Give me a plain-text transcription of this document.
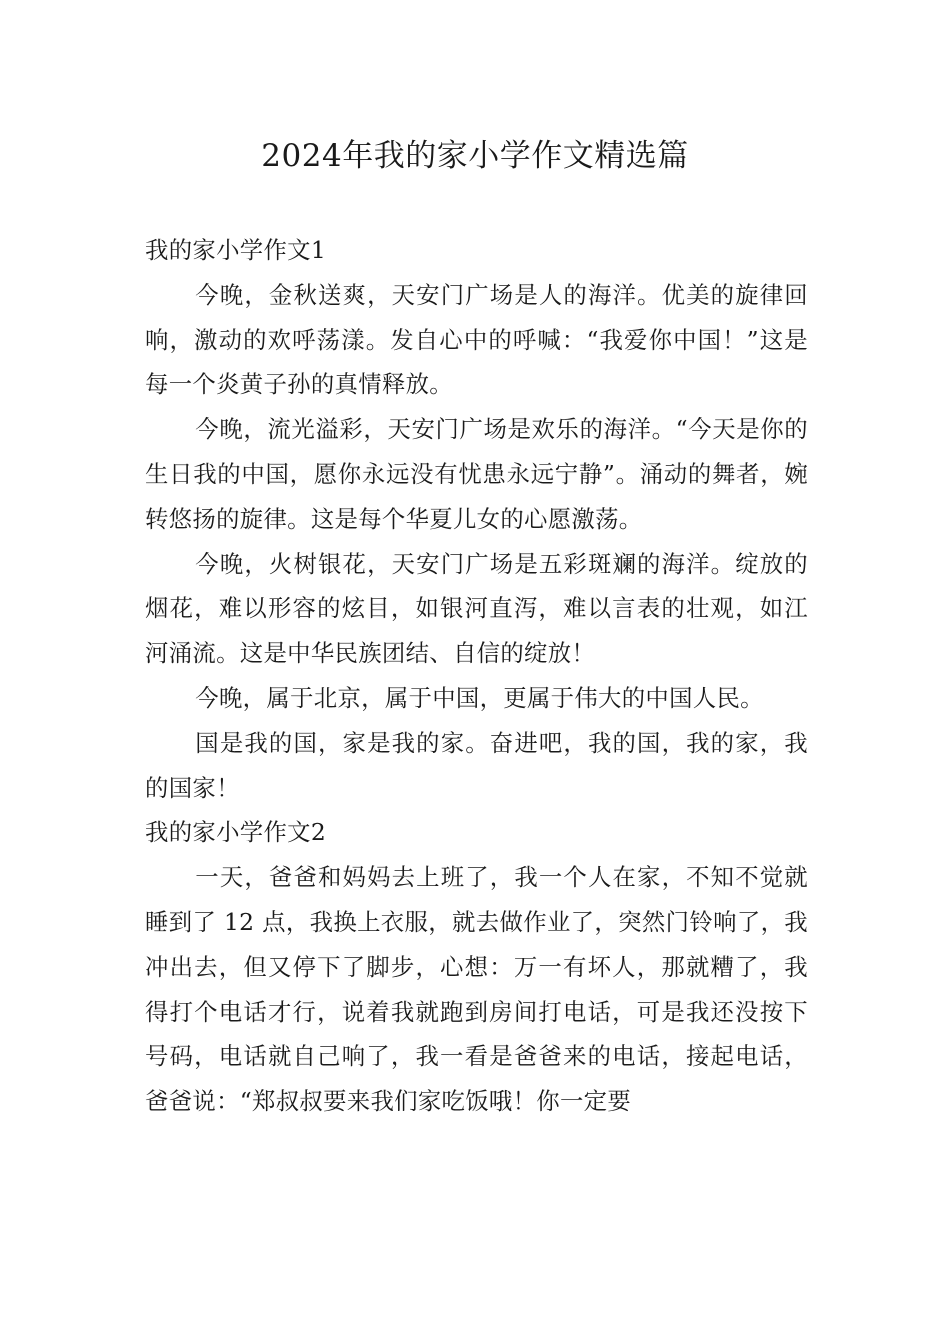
2024年我的家小学作文精选篇
我的家小学作文1

今晚，金秋送爽，天安门广场是人的海洋。优美的旋律回响，激动的欢呼荡漾。发自心中的呼喊：“我爱你中国！”这是每一个炎黄子孙的真情释放。

今晚，流光溢彩，天安门广场是欢乐的海洋。“今天是你的生日我的中国，愿你永远没有忧患永远宁静”。涌动的舞者，婉转悠扬的旋律。这是每个华夏儿女的心愿激荡。

今晚，火树银花，天安门广场是五彩斑斓的海洋。绽放的烟花，难以形容的炫目，如银河直泻，难以言表的壮观，如江河涌流。这是中华民族团结、自信的绽放！

今晚，属于北京，属于中国，更属于伟大的中国人民。

国是我的国，家是我的家。奋进吧，我的国，我的家，我的国家！

我的家小学作文2

一天，爸爸和妈妈去上班了，我一个人在家，不知不觉就睡到了 12 点，我换上衣服，就去做作业了，突然门铃响了，我冲出去，但又停下了脚步，心想：万一有坏人，那就糟了，我得打个电话才行，说着我就跑到房间打电话，可是我还没按下号码，电话就自己响了，我一看是爸爸来的电话，接起电话，爸爸说：“郑叔叔要来我们家吃饭哦！你一定要
